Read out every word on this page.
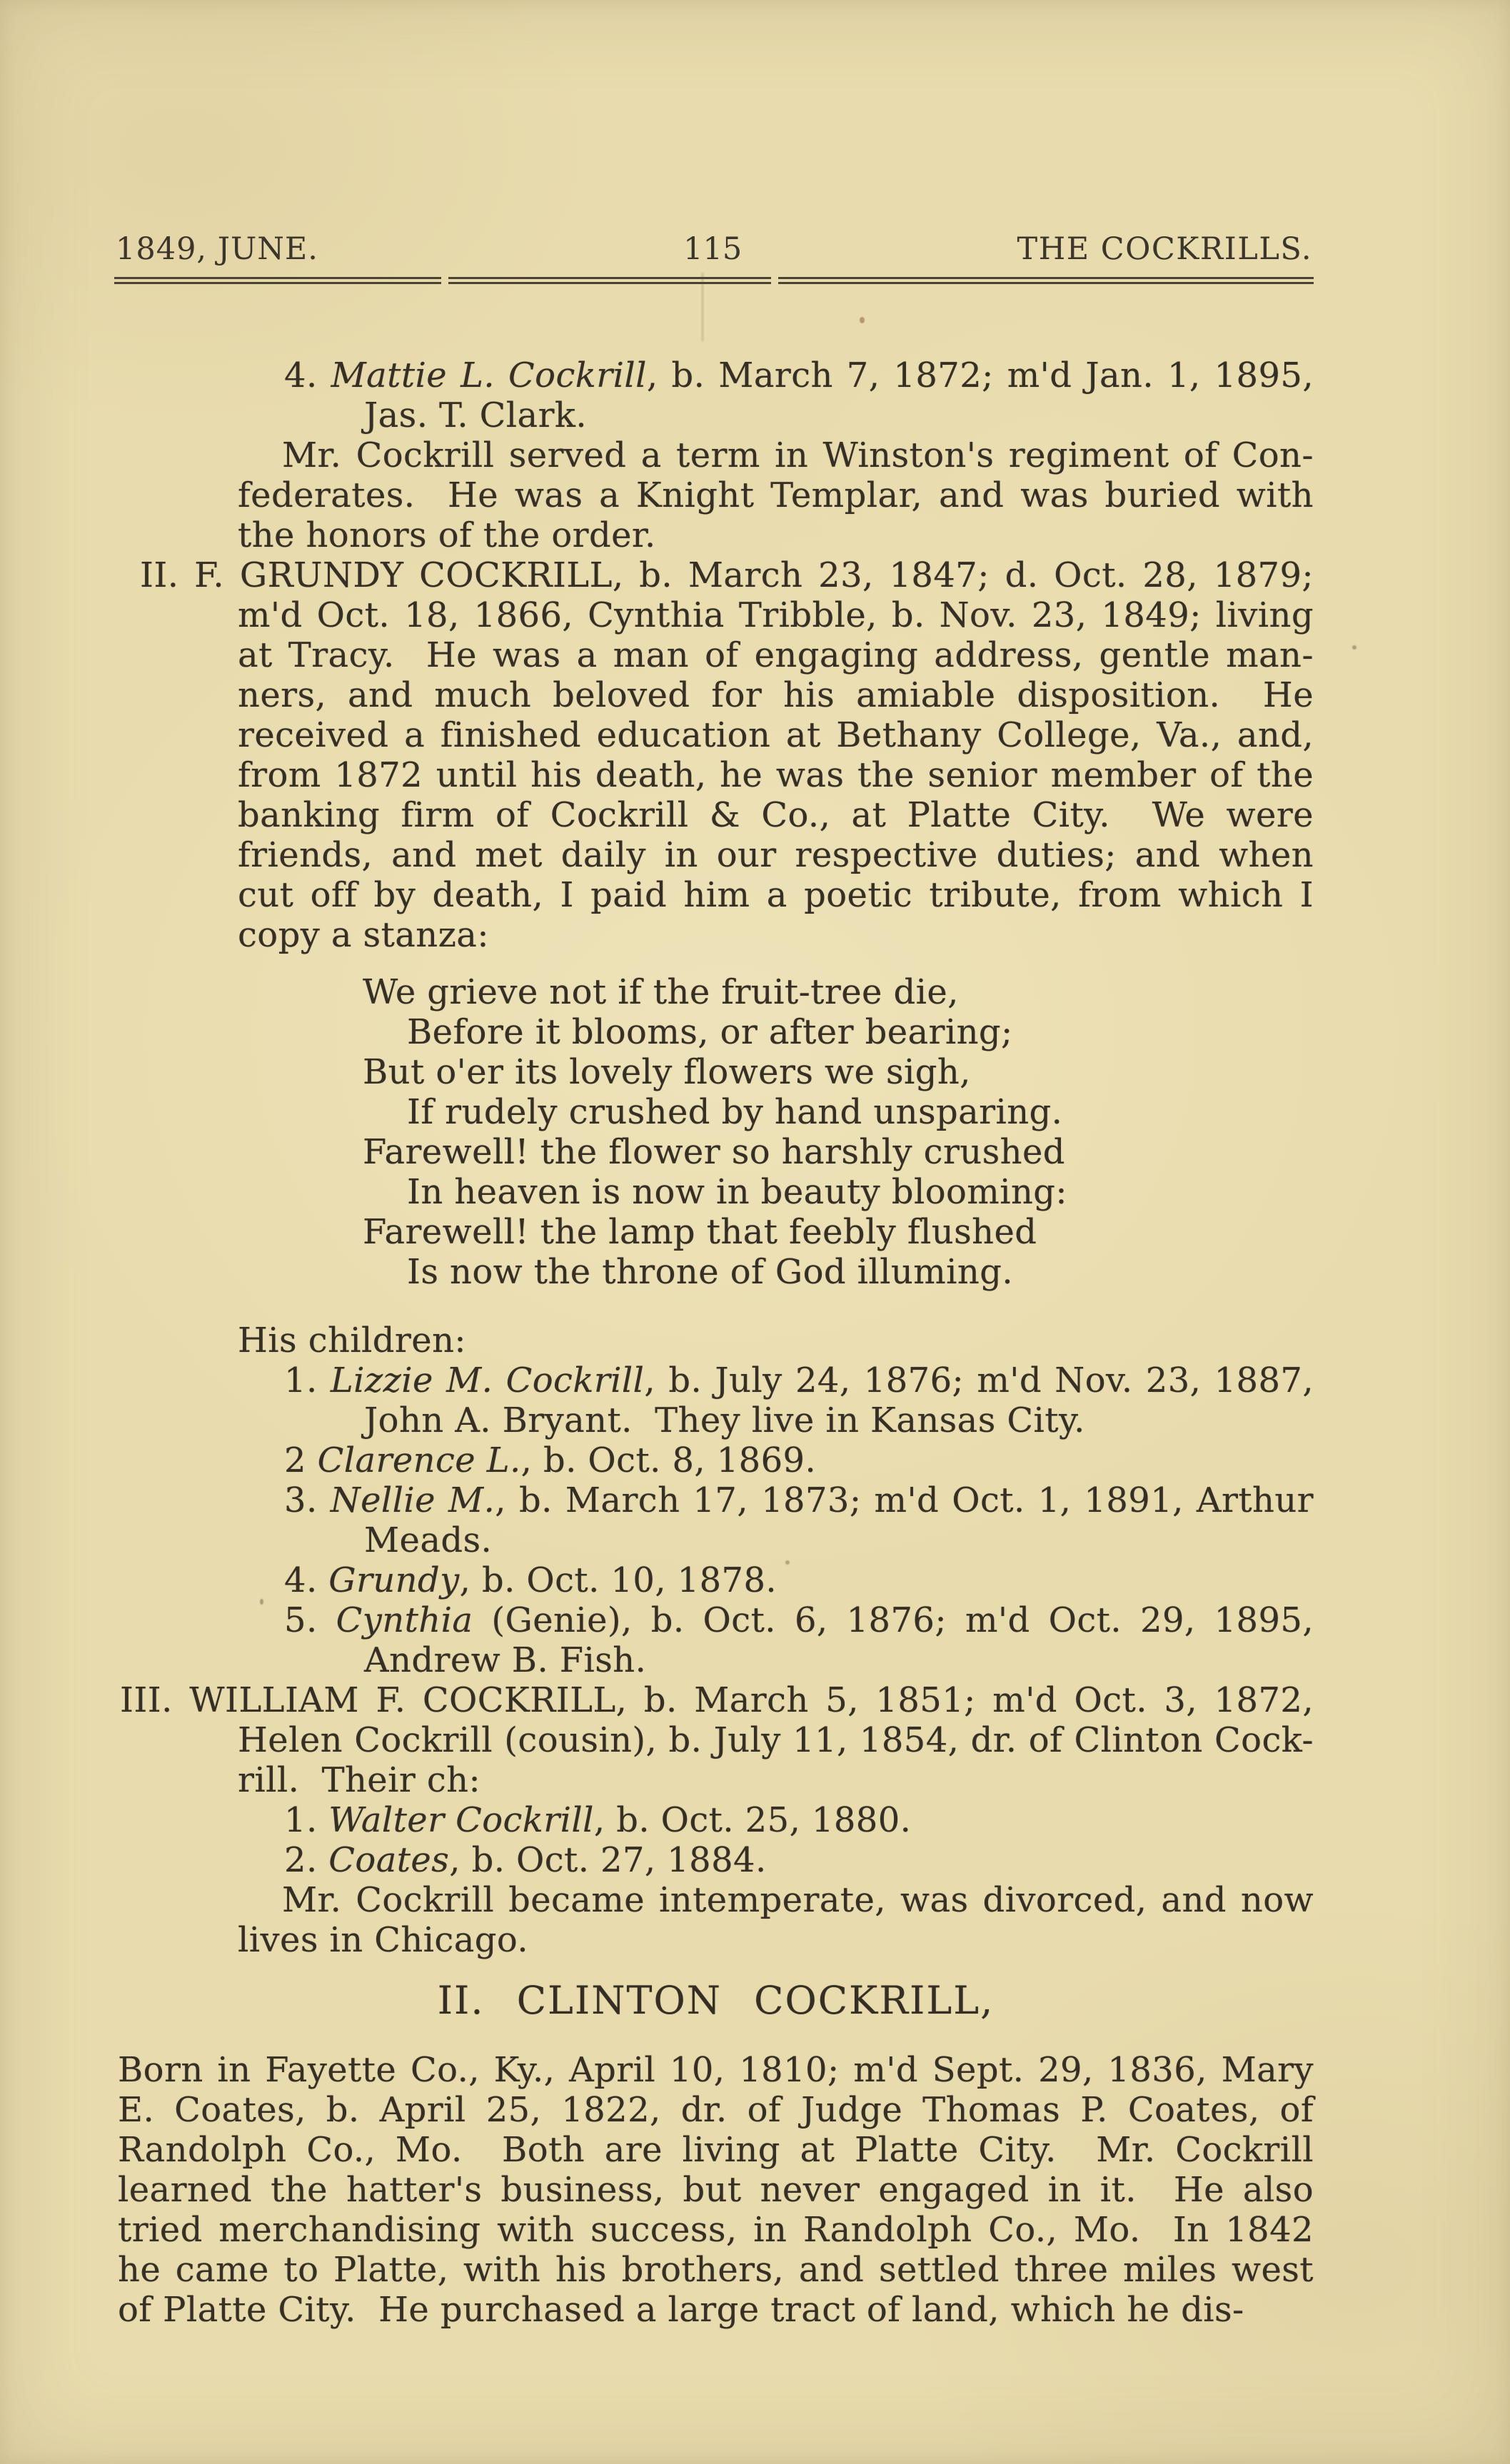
1849, JUNE.	115	THE COCKRILLS.
4. Mattie L. Cockrill, b. March 7, 1872; m'd Jan. 1, 1895,
Jas. T. Clark.
Mr. Cockrill served a term in Winston's regiment of Con-
federates.  He was a Knight Templar, and was buried with
the honors of the order.
II. F. GRUNDY COCKRILL, b. March 23, 1847; d. Oct. 28, 1879;
m'd Oct. 18, 1866, Cynthia Tribble, b. Nov. 23, 1849; living
at Tracy.  He was a man of engaging address, gentle man-
ners, and much beloved for his amiable disposition.  He
received a finished education at Bethany College, Va., and,
from 1872 until his death, he was the senior member of the
banking firm of Cockrill & Co., at Platte City.  We were
friends, and met daily in our respective duties; and when
cut off by death, I paid him a poetic tribute, from which I
copy a stanza:
We grieve not if the fruit-tree die,
Before it blooms, or after bearing;
But o'er its lovely flowers we sigh,
If rudely crushed by hand unsparing.
Farewell! the flower so harshly crushed
In heaven is now in beauty blooming:
Farewell! the lamp that feebly flushed
Is now the throne of God illuming.
His children:
1. Lizzie M. Cockrill, b. July 24, 1876; m'd Nov. 23, 1887,
John A. Bryant.  They live in Kansas City.
2 Clarence L., b. Oct. 8, 1869.
3. Nellie M., b. March 17, 1873; m'd Oct. 1, 1891, Arthur
Meads.
4. Grundy, b. Oct. 10, 1878.
5. Cynthia (Genie), b. Oct. 6, 1876; m'd Oct. 29, 1895,
Andrew B. Fish.
III. WILLIAM F. COCKRILL, b. March 5, 1851; m'd Oct. 3, 1872,
Helen Cockrill (cousin), b. July 11, 1854, dr. of Clinton Cock-
rill.  Their ch:
1. Walter Cockrill, b. Oct. 25, 1880.
2. Coates, b. Oct. 27, 1884.
Mr. Cockrill became intemperate, was divorced, and now
lives in Chicago.
II. CLINTON COCKRILL,
Born in Fayette Co., Ky., April 10, 1810; m'd Sept. 29, 1836, Mary
E. Coates, b. April 25, 1822, dr. of Judge Thomas P. Coates, of
Randolph Co., Mo.  Both are living at Platte City.  Mr. Cockrill
learned the hatter's business, but never engaged in it.  He also
tried merchandising with success, in Randolph Co., Mo.  In 1842
he came to Platte, with his brothers, and settled three miles west
of Platte City.  He purchased a large tract of land, which he dis-
